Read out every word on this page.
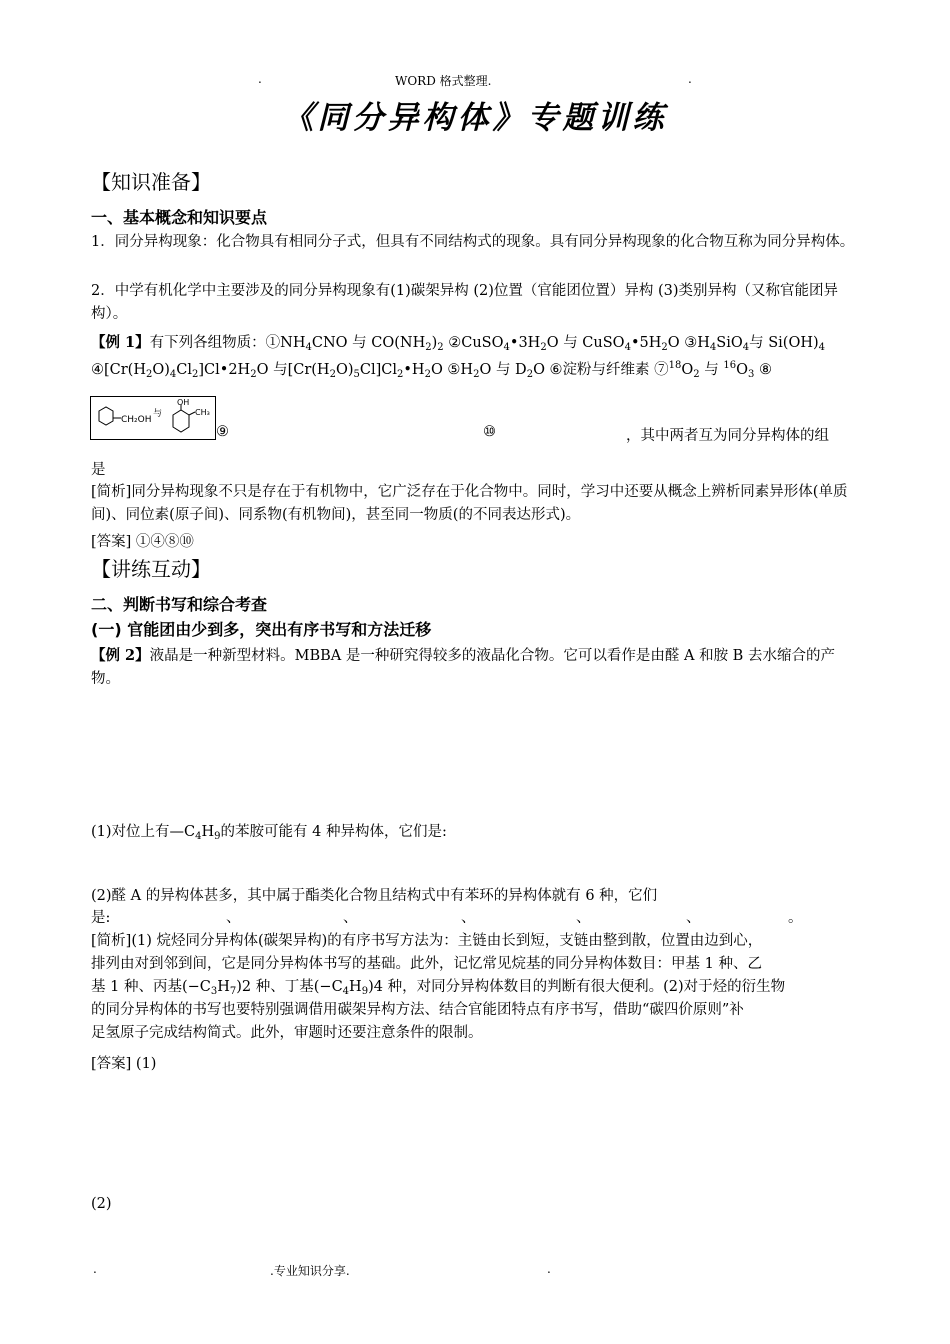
.	WORD 格式整理.	.
《同分异构体》专题训练
【知识准备】
一、基本概念和知识要点
1．同分异构现象：化合物具有相同分子式，但具有不同结构式的现象。具有同分异构现象的化合物互称为同分异构体。
2．中学有机化学中主要涉及的同分异构现象有(1)碳架异构 (2)位置（官能团位置）异构 (3)类别异构（又称官能团异构）。
【例 1】有下列各组物质：$①NH_4CNO$ 与 $CO(NH_2)_2$ $②CuSO_4•3H_2O$ 与 $CuSO_4•5H_2O$ $③H_4SiO_4$与 $Si(OH)_4$
$④[Cr(H_2O)_4Cl_2]Cl•2H_2O$ 与$[Cr(H_2O)_5Cl]Cl_2•H_2O$ $⑤H_2O$ 与 $D_2O$ ⑥淀粉与纤维素 $⑦^{18}O_2$ 与 $^{16}O_3$ ⑧
CH₂OH
与
OH
CH₃
⑨	⑩	，其中两者互为同分异构体的组
是
[简析]同分异构现象不只是存在于有机物中，它广泛存在于化合物中。同时，学习中还要从概念上辨析同素异形体(单质间)、同位素(原子间)、同系物(有机物间)，甚至同一物质(的不同表达形式)。
[答案] ①④⑧⑩
【讲练互动】
二、判断书写和综合考查
(一) 官能团由少到多，突出有序书写和方法迁移
【例 2】液晶是一种新型材料。MBBA 是一种研究得较多的液晶化合物。它可以看作是由醛 A 和胺 B 去水缩合的产物。
(1)对位上有$—C_4H_9$的苯胺可能有 4 种异构体，它们是:
(2)醛 A 的异构体甚多，其中属于酯类化合物且结构式中有苯环的异构体就有 6 种，它们
是:	、	、	、	、	、	。
[简析](1) 烷烃同分异构体(碳架异构)的有序书写方法为：主链由长到短，支链由整到散，位置由边到心，
排列由对到邻到间，它是同分异构体书写的基础。此外，记忆常见烷基的同分异构体数目：甲基 1 种、乙
基 1 种、丙基$(-C_3H_7)2$ 种、丁基$(-C_4H_9)4$ 种，对同分异构体数目的判断有很大便利。(2)对于烃的衍生物
的同分异构体的书写也要特别强调借用碳架异构方法、结合官能团特点有序书写，借助“碳四价原则”补
足氢原子完成结构简式。此外，审题时还要注意条件的限制。
[答案] (1)
(2)
.	.专业知识分享.	.
